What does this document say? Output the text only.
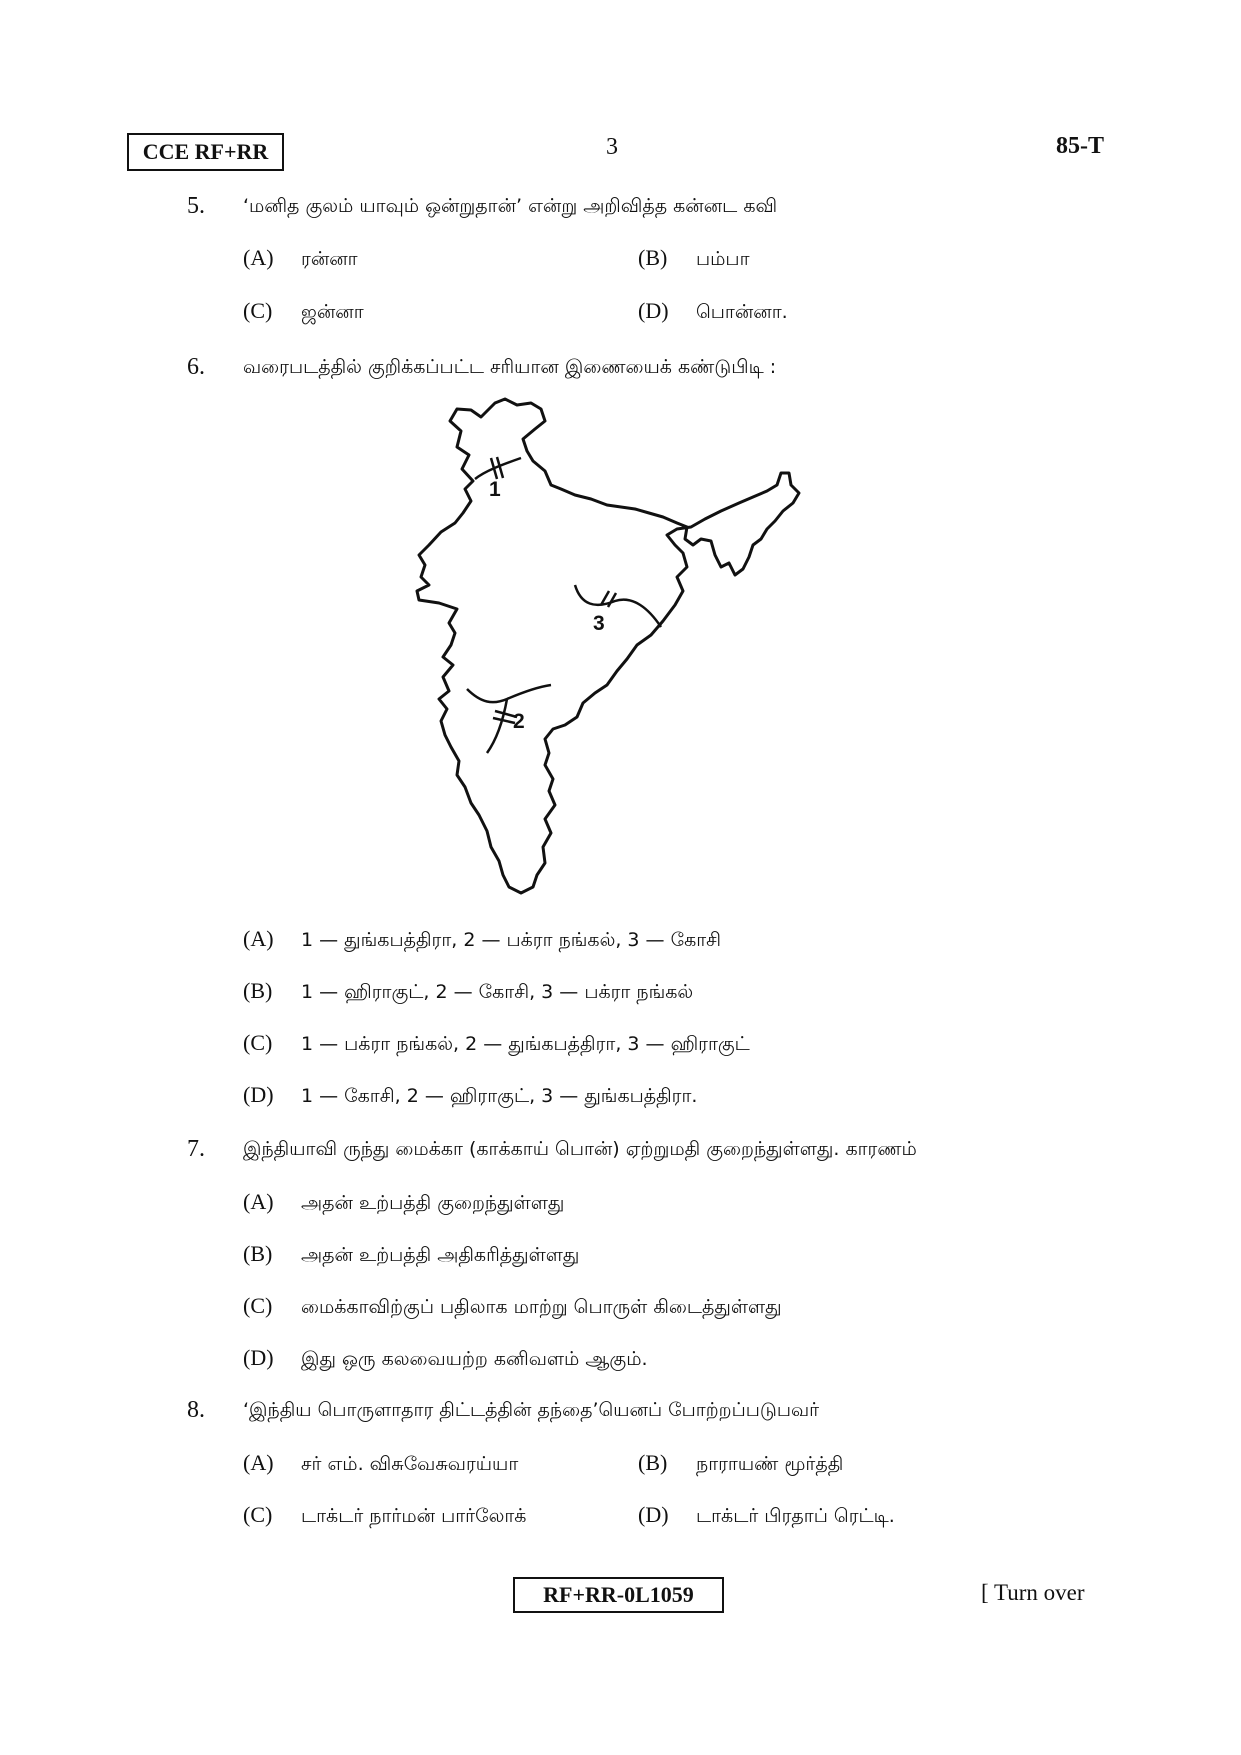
CCE RF+RR	3	85-T
5. ‘மனித குலம் யாவும் ஒன்றுதான்’ என்று அறிவித்த கன்னட கவி
(A) ரன்னா	(B) பம்பா
(C) ஜன்னா	(D) பொன்னா.
6. வரைபடத்தில் குறிக்கப்பட்ட சரியான இணையைக் கண்டுபிடி :
1
2
3
(A) 1 — துங்கபத்திரா, 2 — பக்ரா நங்கல், 3 — கோசி
(B) 1 — ஹிராகுட், 2 — கோசி, 3 — பக்ரா நங்கல்
(C) 1 — பக்ரா நங்கல், 2 — துங்கபத்திரா, 3 — ஹிராகுட்
(D) 1 — கோசி, 2 — ஹிராகுட், 3 — துங்கபத்திரா.
7. இந்தியாவி ருந்து மைக்கா (காக்காய் பொன்) ஏற்றுமதி குறைந்துள்ளது. காரணம்
(A) அதன் உற்பத்தி குறைந்துள்ளது
(B) அதன் உற்பத்தி அதிகரித்துள்ளது
(C) மைக்காவிற்குப் பதிலாக மாற்று பொருள் கிடைத்துள்ளது
(D) இது ஒரு கலவையற்ற கனிவளம் ஆகும்.
8. ‘இந்திய பொருளாதார திட்டத்தின் தந்தை’யெனப் போற்றப்படுபவர்
(A) சர் எம். விசுவேசுவரய்யா	(B) நாராயண் மூர்த்தி
(C) டாக்டர் நார்மன் பார்லோக்	(D) டாக்டர் பிரதாப் ரெட்டி.
RF+RR-0L1059	[ Turn over
